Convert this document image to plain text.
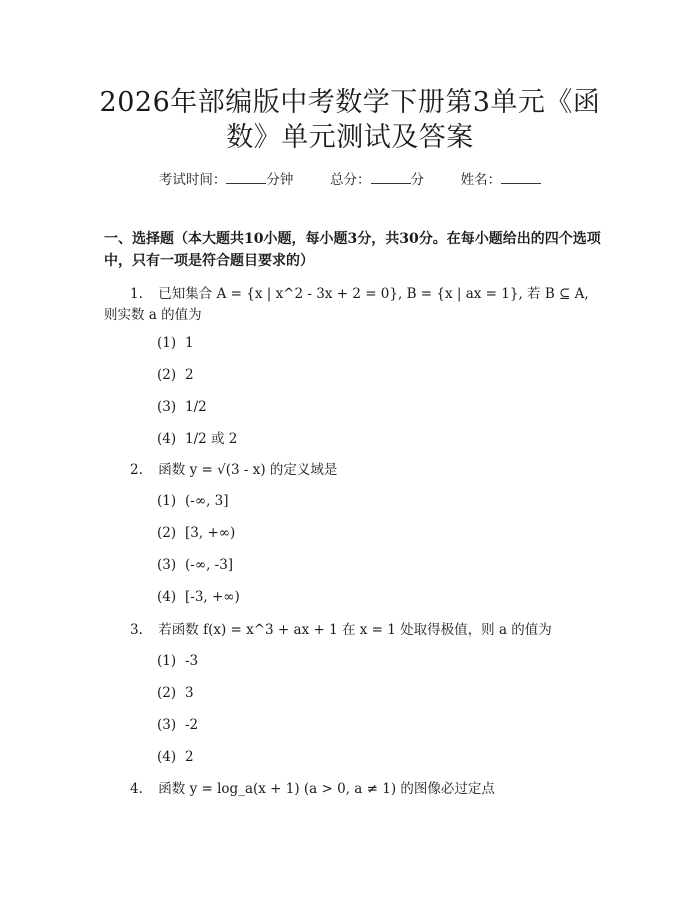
2026年部编版中考数学下册第3单元《函
数》单元测试及答案
考试时间：	分钟	总分：	分	姓名：

一、选择题（本大题共10小题，每小题3分，共30分。在每小题给出的四个选项中，只有一项是符合题目要求的）

1. 已知集合 A = {x | x^2 - 3x + 2 = 0}, B = {x | ax = 1}, 若 B ⊆ A,
则实数 a 的值为
(1) 1
(2) 2
(3) 1/2
(4) 1/2 或 2
2. 函数 y = √(3 - x) 的定义域是
(1) (-∞, 3]
(2) [3, +∞)
(3) (-∞, -3]
(4) [-3, +∞)
3. 若函数 f(x) = x^3 + ax + 1 在 x = 1 处取得极值，则 a 的值为
(1) -3
(2) 3
(3) -2
(4) 2
4. 函数 y = log_a(x + 1) (a > 0, a ≠ 1) 的图像必过定点
